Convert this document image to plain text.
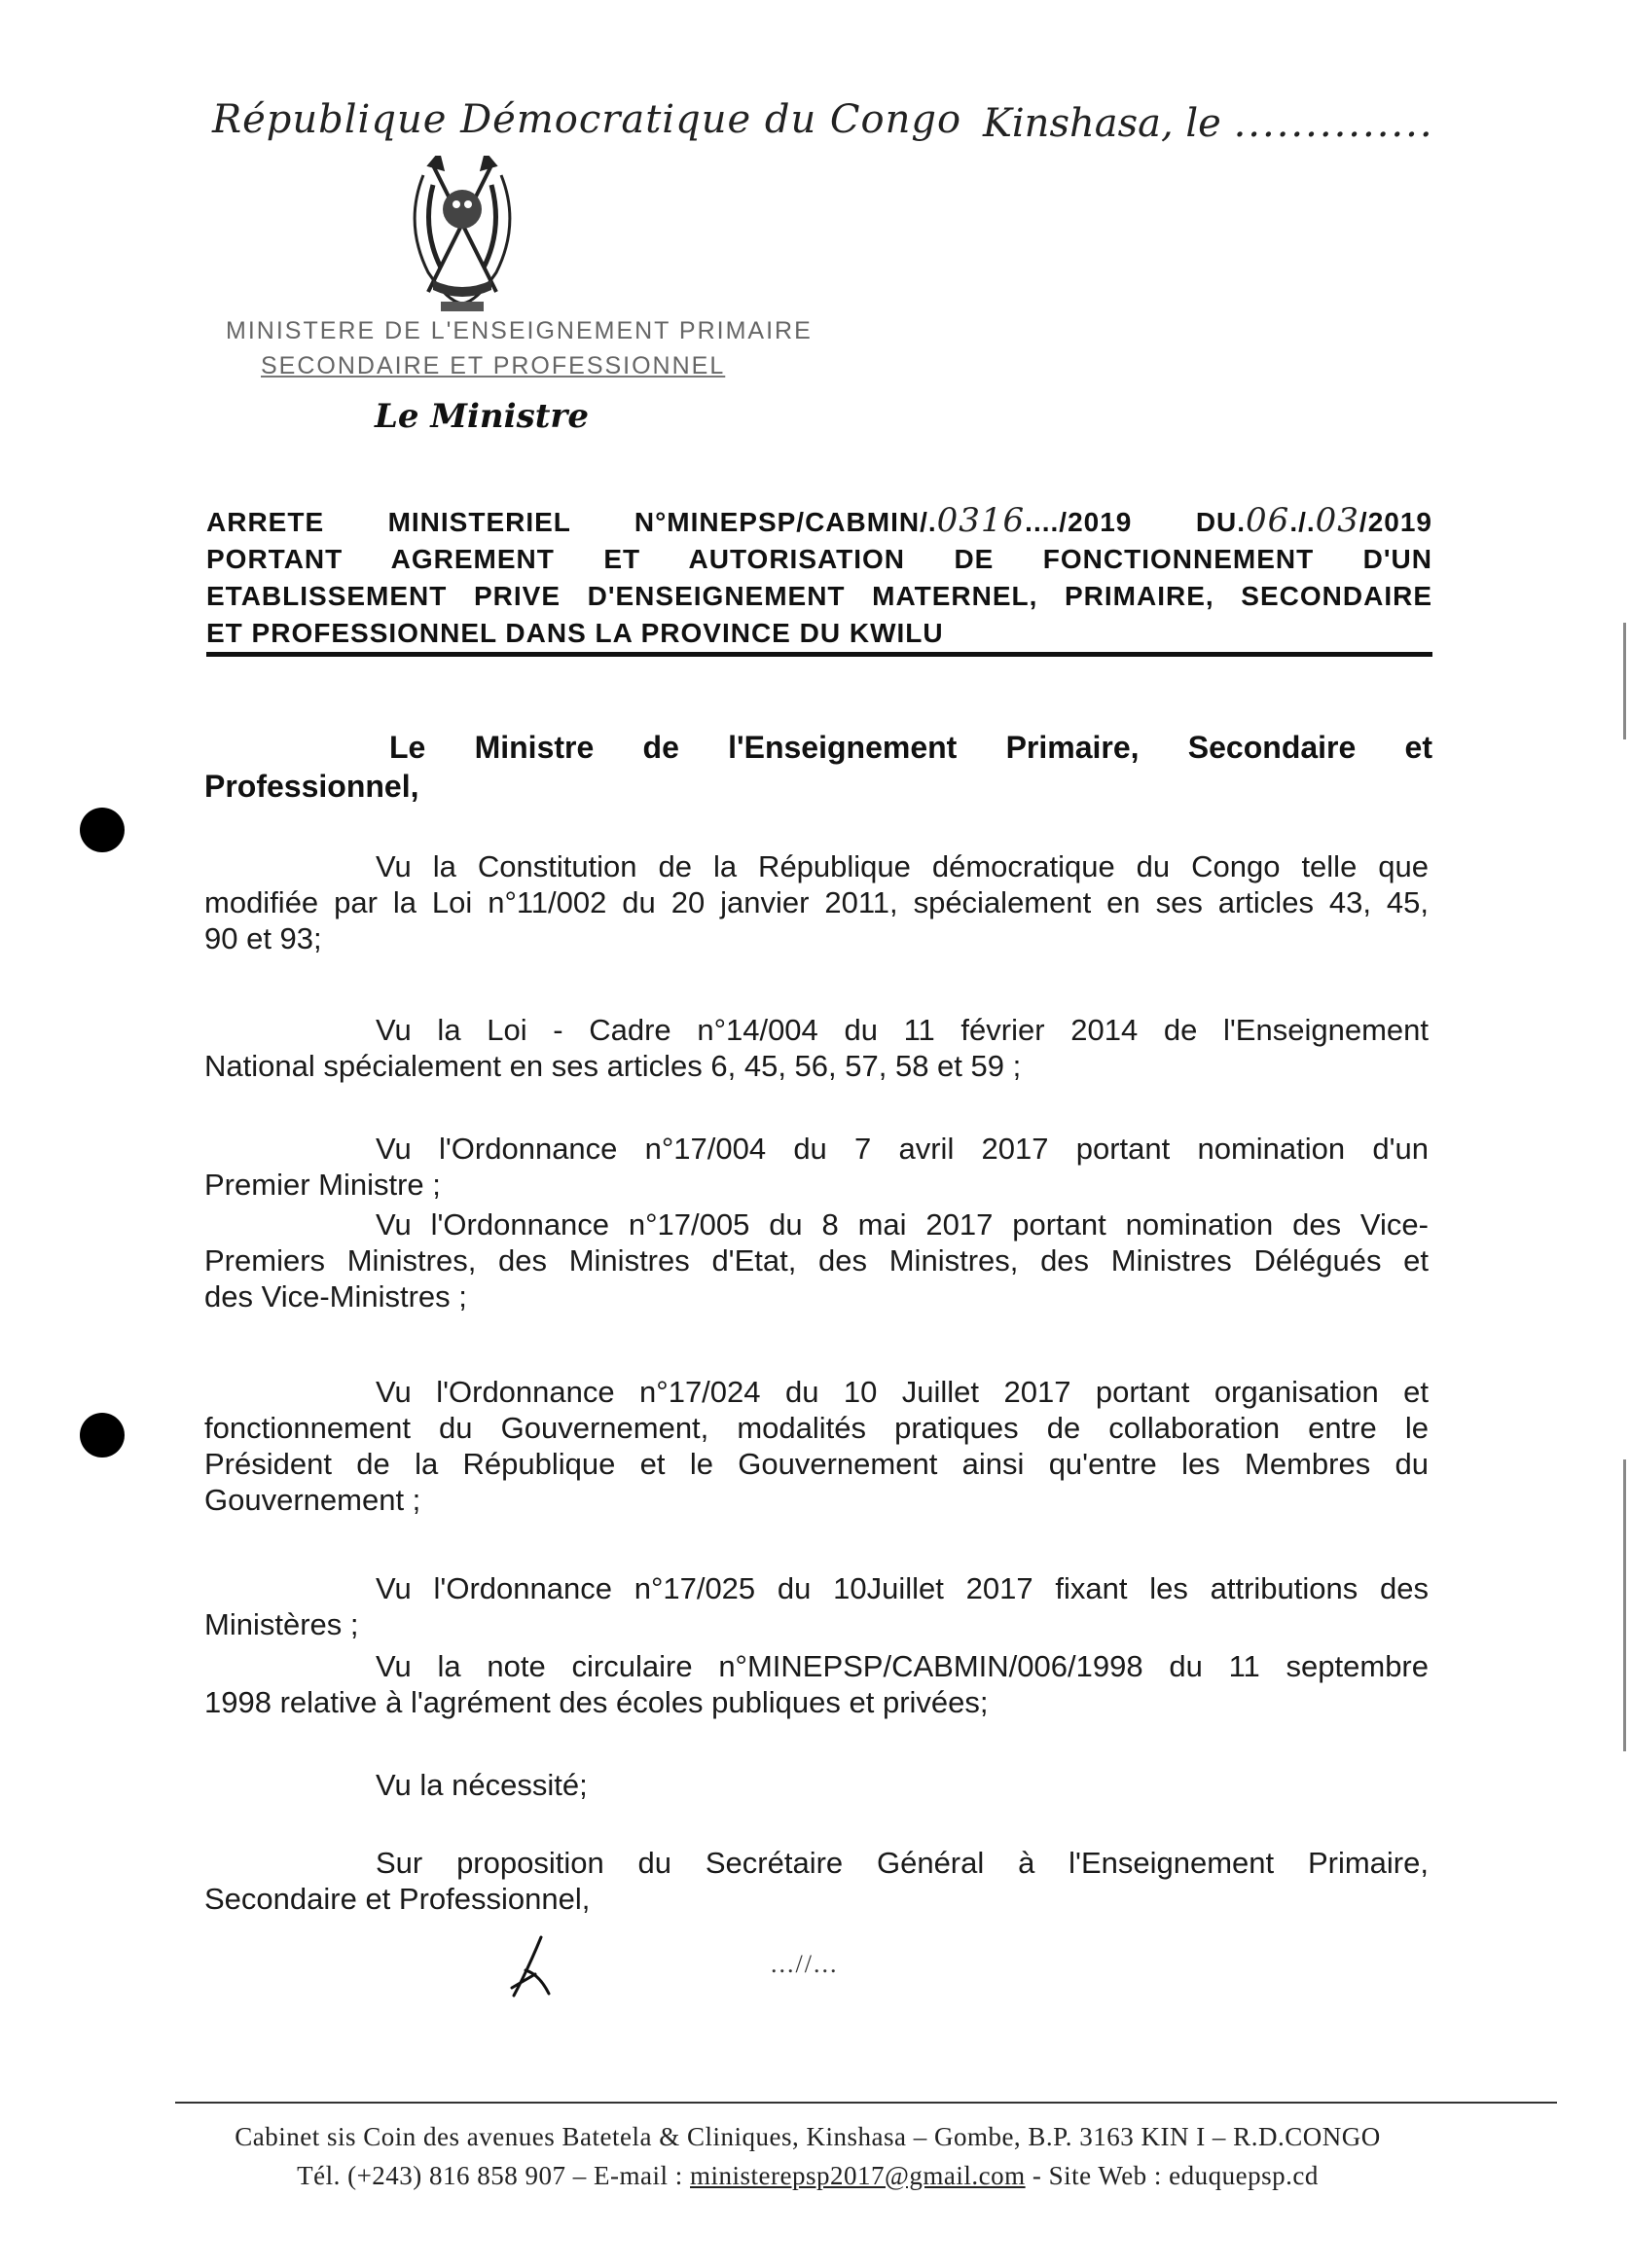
République Démocratique du Congo Kinshasa, le ..............
MINISTERE DE L'ENSEIGNEMENT PRIMAIRE
SECONDAIRE ET PROFESSIONNEL
Le Ministre
ARRETE MINISTERIEL N°MINEPSP/CABMIN/.0316..../2019 DU.06./.03/2019
PORTANT AGREMENT ET AUTORISATION DE FONCTIONNEMENT D'UN
ETABLISSEMENT PRIVE D'ENSEIGNEMENT MATERNEL, PRIMAIRE, SECONDAIRE
ET PROFESSIONNEL DANS LA PROVINCE DU KWILU
Le Ministre de l'Enseignement Primaire, Secondaire et
Professionnel,
Vu la Constitution de la République démocratique du Congo telle que
modifiée par la Loi n°11/002 du 20 janvier 2011, spécialement en ses articles 43, 45,
90 et 93;
Vu la Loi - Cadre n°14/004 du 11 février 2014 de l'Enseignement
National spécialement en ses articles 6, 45, 56, 57, 58 et 59 ;
Vu l'Ordonnance n°17/004 du 7 avril 2017 portant nomination d'un
Premier Ministre ;
Vu l'Ordonnance n°17/005 du 8 mai 2017 portant nomination des Vice-
Premiers Ministres, des Ministres d'Etat, des Ministres, des Ministres Délégués et
des Vice-Ministres ;
Vu l'Ordonnance n°17/024 du 10 Juillet 2017 portant organisation et
fonctionnement du Gouvernement, modalités pratiques de collaboration entre le
Président de la République et le Gouvernement ainsi qu'entre les Membres du
Gouvernement ;
Vu l'Ordonnance n°17/025 du 10Juillet 2017 fixant les attributions des
Ministères ;
Vu la note circulaire n°MINEPSP/CABMIN/006/1998 du 11 septembre
1998 relative à l'agrément des écoles publiques et privées;
Vu la nécessité;
Sur proposition du Secrétaire Général à l'Enseignement Primaire,
Secondaire et Professionnel,
...//...
Cabinet sis Coin des avenues Batetela & Cliniques, Kinshasa – Gombe, B.P. 3163 KIN I – R.D.CONGO
Tél. (+243) 816 858 907 – E-mail : ministerepsp2017@gmail.com - Site Web : eduquepsp.cd
